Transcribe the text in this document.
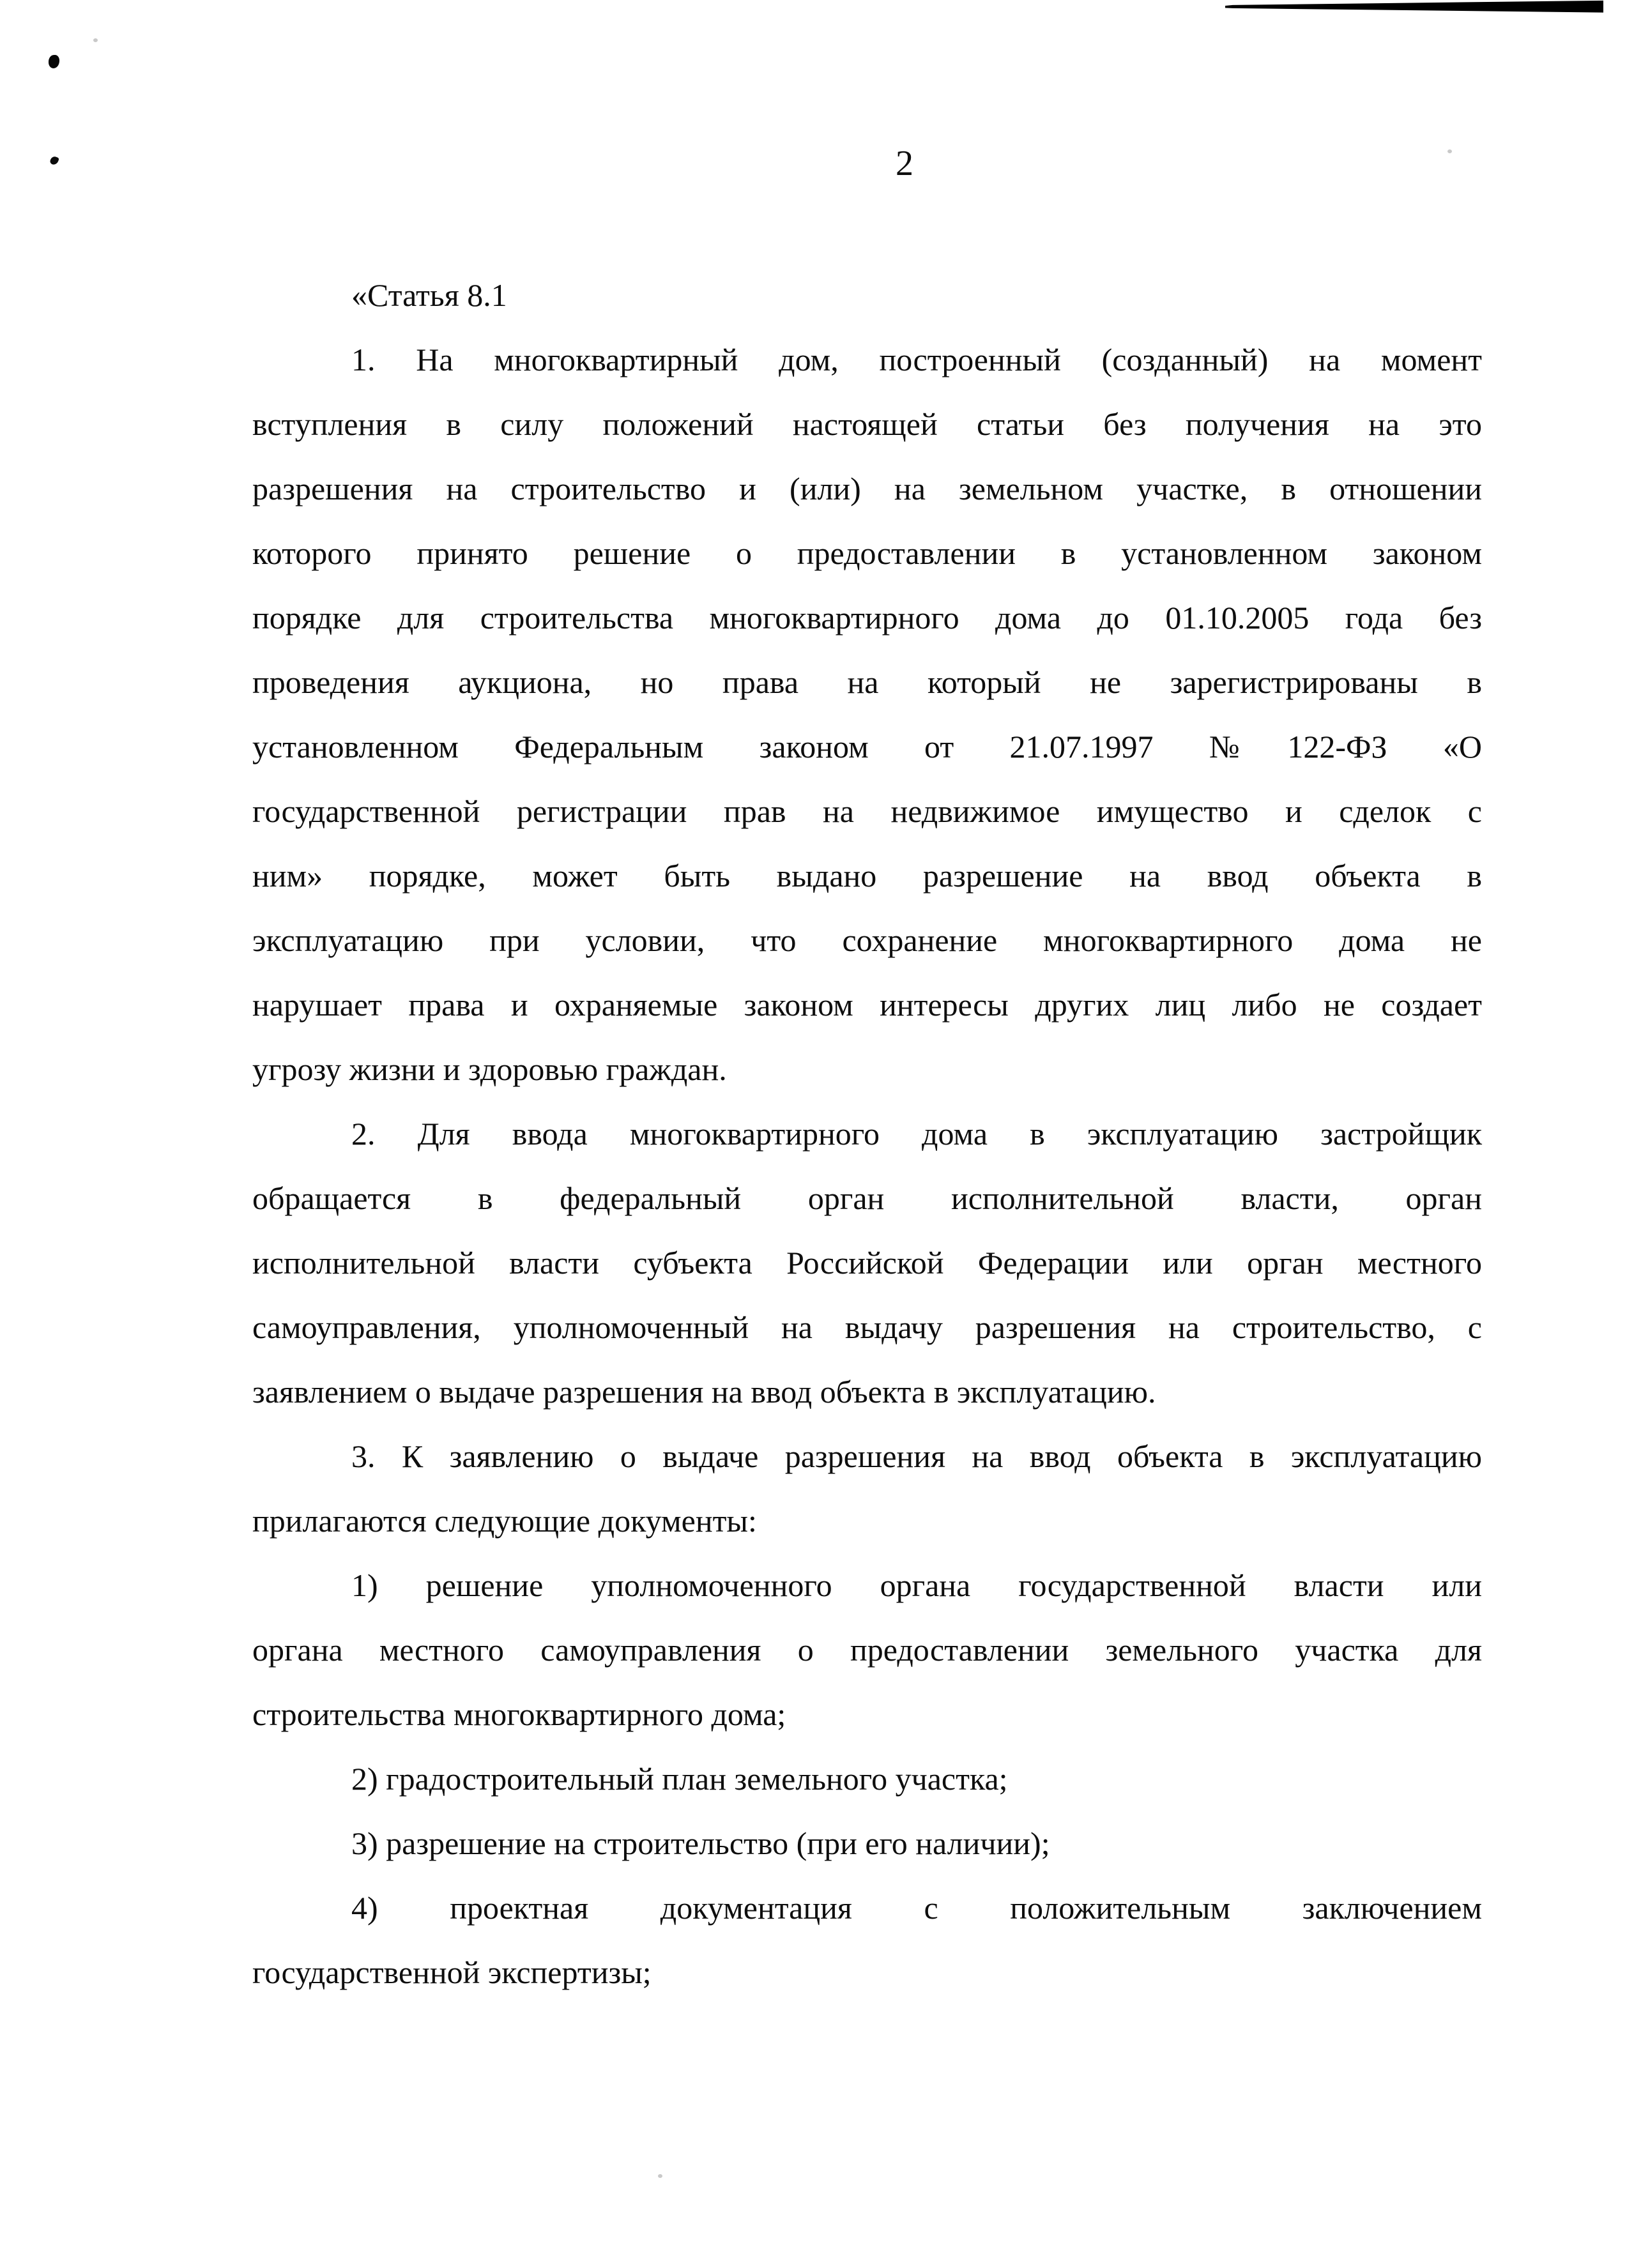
2
«Статья 8.1
1. На многоквартирный дом, построенный (созданный) на момент
вступления в силу положений настоящей статьи без получения на это
разрешения на строительство и (или) на земельном участке, в отношении
которого принято решение о предоставлении в установленном законом
порядке для строительства многоквартирного дома до 01.10.2005 года без
проведения аукциона, но права на который не зарегистрированы в
установленном Федеральным законом от 21.07.1997 №122-ФЗ «О
государственной регистрации прав на недвижимое имущество и сделок с
ним» порядке, может быть выдано разрешение на ввод объекта в
эксплуатацию при условии, что сохранение многоквартирного дома не
нарушает права и охраняемые законом интересы других лиц либо не создает
угрозу жизни и здоровью граждан.
2. Для ввода многоквартирного дома в эксплуатацию застройщик
обращается в федеральный орган исполнительной власти, орган
исполнительной власти субъекта Российской Федерации или орган местного
самоуправления, уполномоченный на выдачу разрешения на строительство, с
заявлением о выдаче разрешения на ввод объекта в эксплуатацию.
3. К заявлению о выдаче разрешения на ввод объекта в эксплуатацию
прилагаются следующие документы:
1) решение уполномоченного органа государственной власти или
органа местного самоуправления о предоставлении земельного участка для
строительства многоквартирного дома;
2) градостроительный план земельного участка;
3) разрешение на строительство (при его наличии);
4) проектная документация с положительным заключением
государственной экспертизы;
